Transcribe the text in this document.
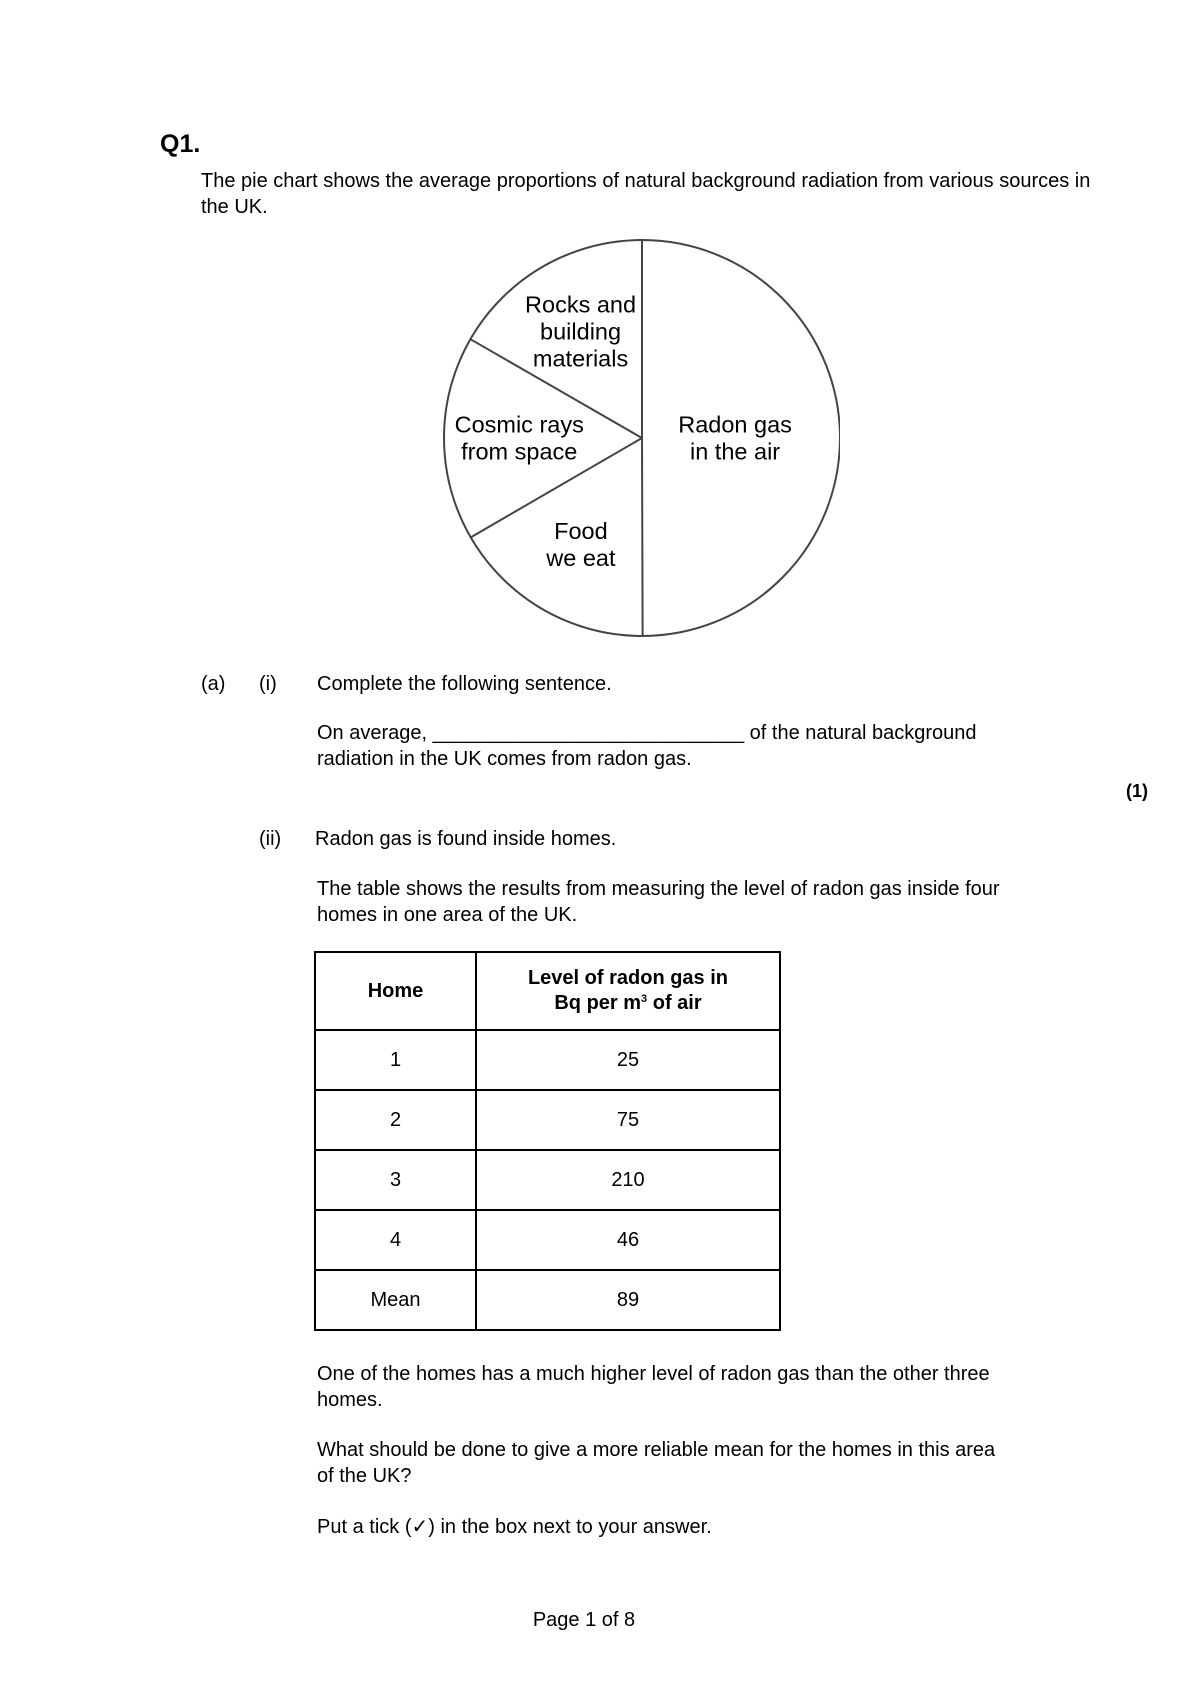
Q1.
The pie chart shows the average proportions of natural background radiation from various sources in the UK.
Radon gas in the air
Food we eat
Cosmic rays from space
Rocks and building materials
(a) (i) Complete the following sentence.
On average, ____________________________ of the natural background
radiation in the UK comes from radon gas.
(1)
(ii) Radon gas is found inside homes.
The table shows the results from measuring the level of radon gas inside four
homes in one area of the UK.
Home	Level of radon gas in
Bq per $m^3$ of air
1	25
2	75
3	210
4	46
Mean	89
One of the homes has a much higher level of radon gas than the other three
homes.
What should be done to give a more reliable mean for the homes in this area
of the UK?
Put a tick (✓) in the box next to your answer.
Page 1 of 8
